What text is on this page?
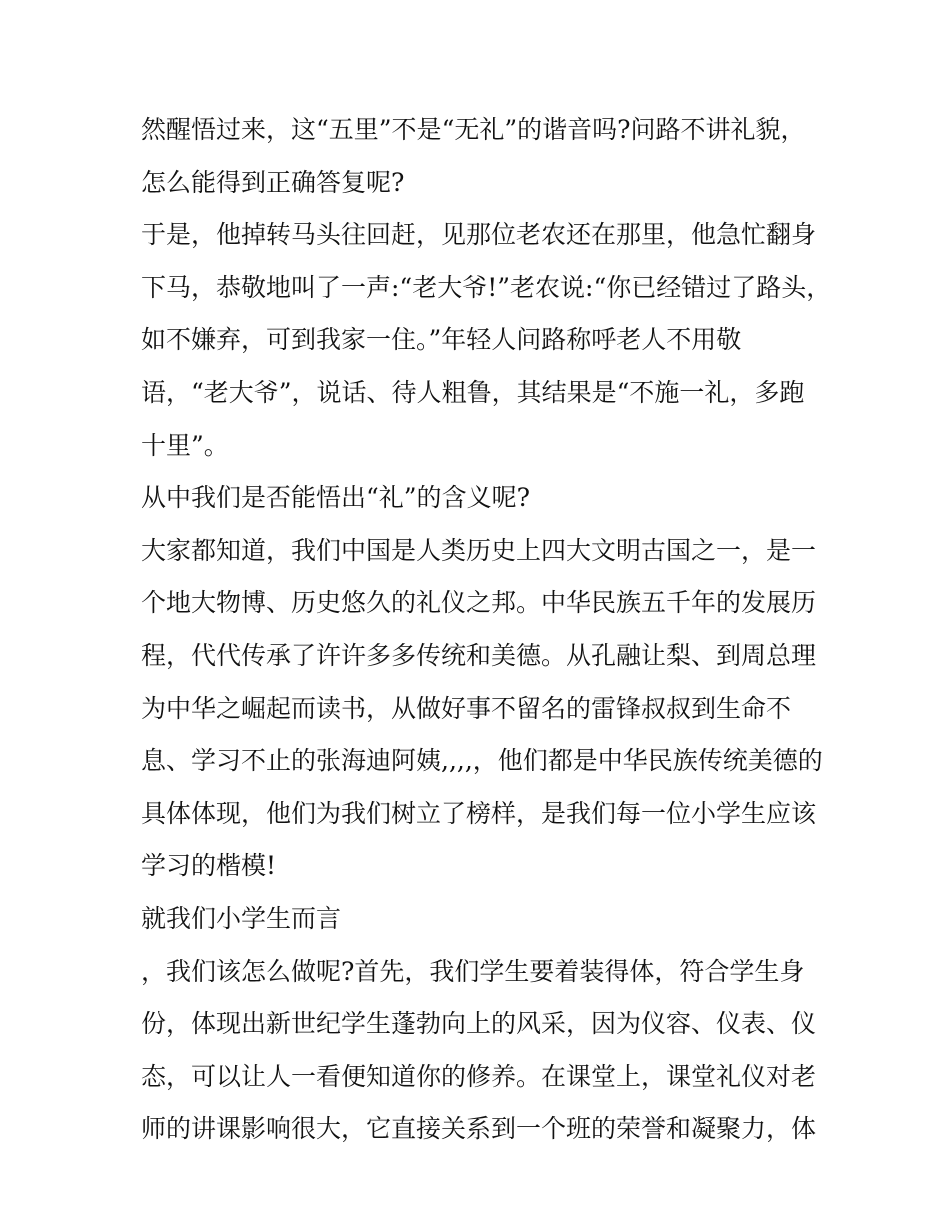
然醒悟过来，这“五里”不是“无礼”的谐音吗?问路不讲礼貌，
怎么能得到正确答复呢?
于是，他掉转马头往回赶，见那位老农还在那里，他急忙翻身
下马，恭敬地叫了一声:“老大爷!”老农说:“你已经错过了路头，
如不嫌弃，可到我家一住。”年轻人问路称呼老人不用敬
语，“老大爷”，说话、待人粗鲁，其结果是“不施一礼，多跑
十里”。
从中我们是否能悟出“礼”的含义呢?
大家都知道，我们中国是人类历史上四大文明古国之一，是一
个地大物博、历史悠久的礼仪之邦。中华民族五千年的发展历
程，代代传承了许许多多传统和美德。从孔融让梨、到周总理
为中华之崛起而读书，从做好事不留名的雷锋叔叔到生命不
息、学习不止的张海迪阿姨,,,,，他们都是中华民族传统美德的
具体体现，他们为我们树立了榜样，是我们每一位小学生应该
学习的楷模!
就我们小学生而言
，我们该怎么做呢?首先，我们学生要着装得体，符合学生身
份，体现出新世纪学生蓬勃向上的风采，因为仪容、仪表、仪
态，可以让人一看便知道你的修养。在课堂上，课堂礼仪对老
师的讲课影响很大，它直接关系到一个班的荣誉和凝聚力，体
